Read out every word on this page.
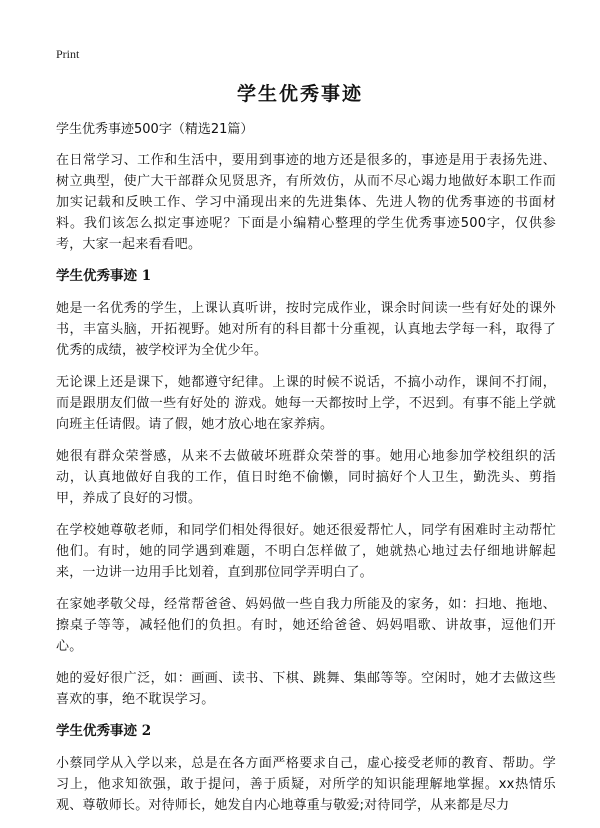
Print
学生优秀事迹

学生优秀事迹500字（精选21篇）

在日常学习、工作和生活中，要用到事迹的地方还是很多的，事迹是用于表扬先进、树立典型，使广大干部群众见贤思齐，有所效仿，从而不尽心竭力地做好本职工作而加实记载和反映工作、学习中涌现出来的先进集体、先进人物的优秀事迹的书面材料。我们该怎么拟定事迹呢？下面是小编精心整理的学生优秀事迹500字，仅供参考，大家一起来看看吧。

学生优秀事迹 1

她是一名优秀的学生，上课认真听讲，按时完成作业，课余时间读一些有好处的课外书，丰富头脑，开拓视野。她对所有的科目都十分重视，认真地去学每一科，取得了优秀的成绩，被学校评为全优少年。

无论课上还是课下，她都遵守纪律。上课的时候不说话，不搞小动作，课间不打闹，而是跟朋友们做一些有好处的 游戏。她每一天都按时上学，不迟到。有事不能上学就向班主任请假。请了假，她才放心地在家养病。

她很有群众荣誉感，从来不去做破坏班群众荣誉的事。她用心地参加学校组织的活动，认真地做好自我的工作，值日时绝不偷懒，同时搞好个人卫生，勤洗头、剪指甲，养成了良好的习惯。

在学校她尊敬老师，和同学们相处得很好。她还很爱帮忙人，同学有困难时主动帮忙他们。有时，她的同学遇到难题，不明白怎样做了，她就热心地过去仔细地讲解起来，一边讲一边用手比划着，直到那位同学弄明白了。

在家她孝敬父母，经常帮爸爸、妈妈做一些自我力所能及的家务，如：扫地、拖地、擦桌子等等，减轻他们的负担。有时，她还给爸爸、妈妈唱歌、讲故事，逗他们开心。

她的爱好很广泛，如：画画、读书、下棋、跳舞、集邮等等。空闲时，她才去做这些喜欢的事，绝不耽误学习。

学生优秀事迹 2

小蔡同学从入学以来，总是在各方面严格要求自己，虚心接受老师的教育、帮助。学习上，他求知欲强，敢于提问，善于质疑，对所学的知识能理解地掌握。xx热情乐观、尊敬师长。对待师长，她发自内心地尊重与敬爱;对待同学，从来都是尽力
